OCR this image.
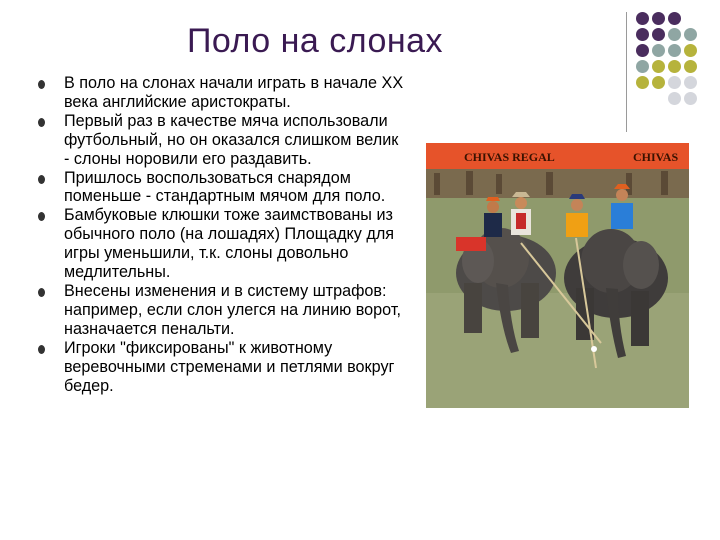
Поло на слонах
В поло на слонах начали играть в начале XX века английские аристократы.
Первый раз в качестве мяча использовали футбольный, но он оказался слишком велик - слоны норовили его раздавить.
Пришлось воспользоваться снарядом поменьше - стандартным мячом для поло.
Бамбуковые клюшки тоже заимствованы из обычного поло (на лошадях) Площадку для игры уменьшили, т.к. слоны довольно медлительны.
Внесены изменения и в систему штрафов: например, если слон улегся на линию ворот, назначается пенальти.
Игроки "фиксированы" к животному веревочными стременами и петлями вокруг бедер.
CHIVAS REGAL	CHIVAS
